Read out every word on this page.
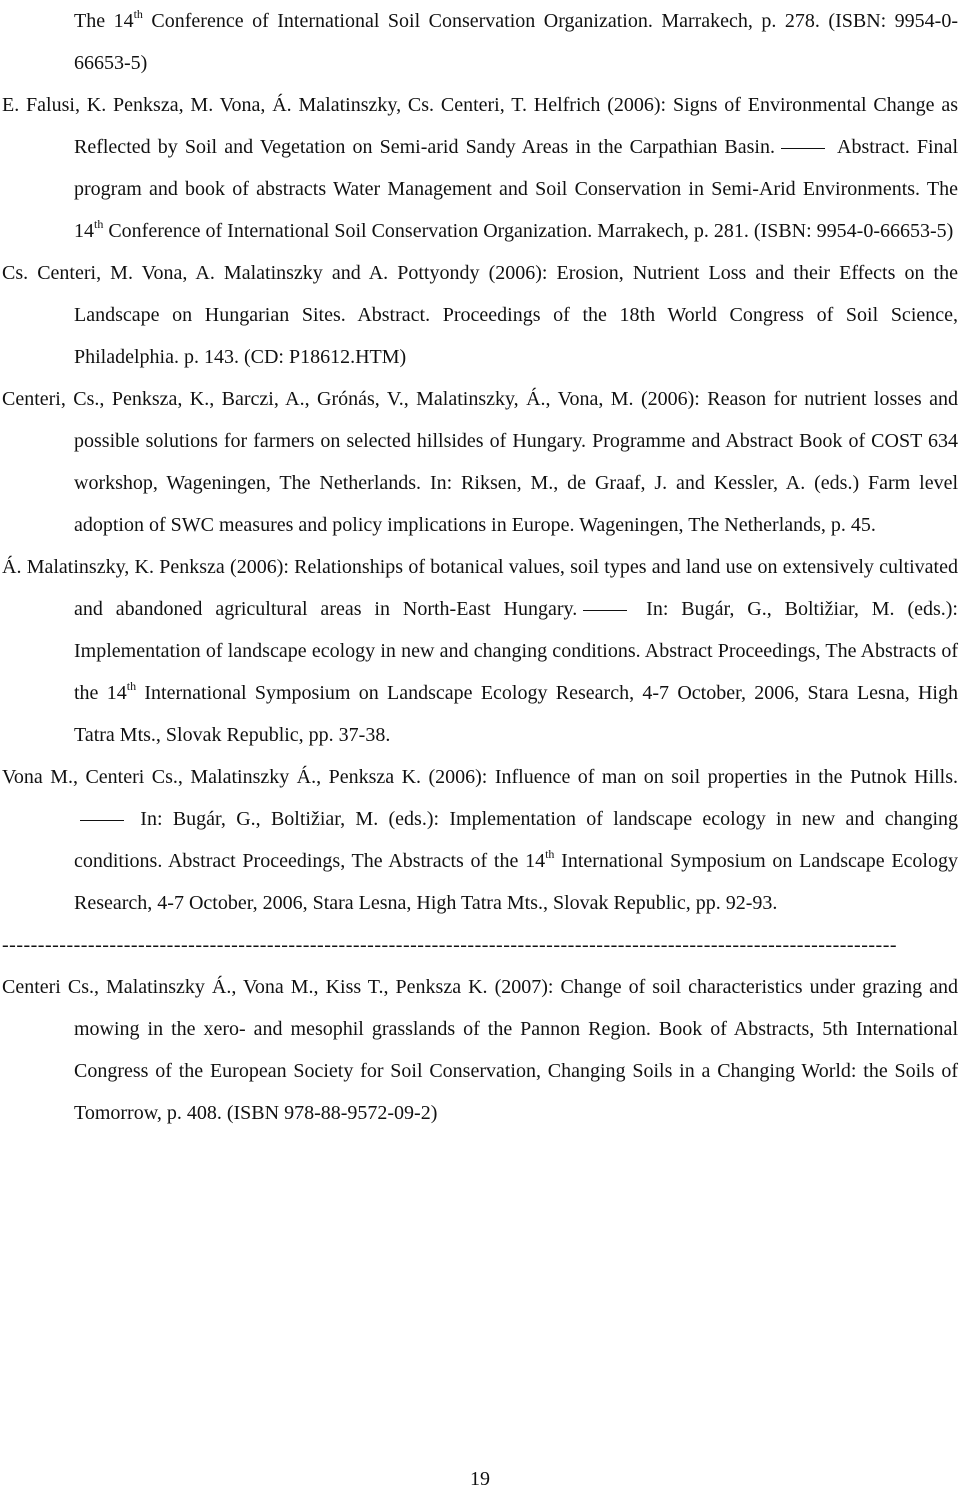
The 14th Conference of International Soil Conservation Organization. Marrakech, p. 278. (ISBN: 9954-0-66653-5)

E. Falusi, K. Penksza, M. Vona, Á. Malatinszky, Cs. Centeri, T. Helfrich (2006): Signs of Environmental Change as Reflected by Soil and Vegetation on Semi-arid Sandy Areas in the Carpathian Basin.	Abstract. Final program and book of abstracts Water Management and Soil Conservation in Semi-Arid Environments. The 14th Conference of International Soil Conservation Organization. Marrakech, p. 281. (ISBN: 9954-0-66653-5)

Cs. Centeri, M. Vona, A. Malatinszky and A. Pottyondy (2006): Erosion, Nutrient Loss and their Effects on the Landscape on Hungarian Sites. Abstract. Proceedings of the 18th World Congress of Soil Science, Philadelphia. p. 143. (CD: P18612.HTM)

Centeri, Cs., Penksza, K., Barczi, A., Grónás, V., Malatinszky, Á., Vona, M. (2006): Reason for nutrient losses and possible solutions for farmers on selected hillsides of Hungary. Programme and Abstract Book of COST 634 workshop, Wageningen, The Netherlands. In: Riksen, M., de Graaf, J. and Kessler, A. (eds.) Farm level adoption of SWC measures and policy implications in Europe. Wageningen, The Netherlands, p. 45.

Á. Malatinszky, K. Penksza (2006): Relationships of botanical values, soil types and land use on extensively cultivated and abandoned agricultural areas in North-East Hungary.	In: Bugár, G., Boltižiar, M. (eds.): Implementation of landscape ecology in new and changing conditions. Abstract Proceedings, The Abstracts of the 14th International Symposium on Landscape Ecology Research, 4-7 October, 2006, Stara Lesna, High Tatra Mts., Slovak Republic, pp. 37-38.

Vona M., Centeri Cs., Malatinszky Á., Penksza K. (2006): Influence of man on soil properties in the Putnok Hills. In: Bugár, G., Boltižiar, M. (eds.): Implementation of landscape ecology in new and changing conditions. Abstract Proceedings, The Abstracts of the 14th International Symposium on Landscape Ecology Research, 4-7 October, 2006, Stara Lesna, High Tatra Mts., Slovak Republic, pp. 92-93.

-----------------------------------------------------------------------------------------------------------------------------

Centeri Cs., Malatinszky Á., Vona M., Kiss T., Penksza K. (2007): Change of soil characteristics under grazing and mowing in the xero- and mesophil grasslands of the Pannon Region. Book of Abstracts, 5th International Congress of the European Society for Soil Conservation, Changing Soils in a Changing World: the Soils of Tomorrow, p. 408. (ISBN 978-88-9572-09-2)

19
